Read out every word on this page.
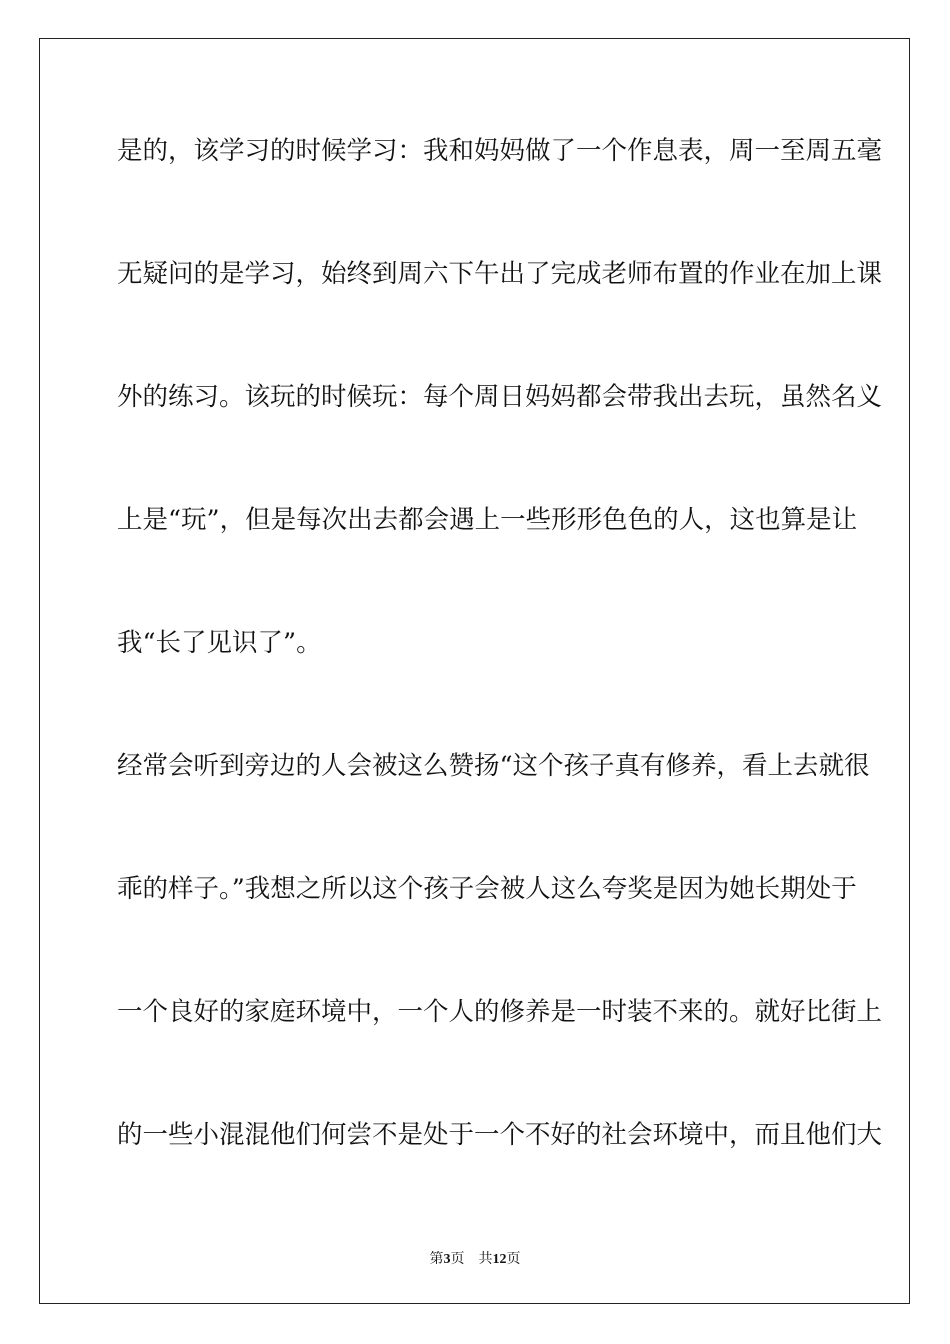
是的，该学习的时候学习：我和妈妈做了一个作息表，周一至周五毫
无疑问的是学习，始终到周六下午出了完成老师布置的作业在加上课
外的练习。该玩的时候玩：每个周日妈妈都会带我出去玩，虽然名义
上是“玩”，但是每次出去都会遇上一些形形色色的人，这也算是让
我“长了见识了”。
经常会听到旁边的人会被这么赞扬“这个孩子真有修养，看上去就很
乖的样子。”我想之所以这个孩子会被人这么夸奖是因为她长期处于
一个良好的家庭环境中，一个人的修养是一时装不来的。就好比街上
的一些小混混他们何尝不是处于一个不好的社会环境中，而且他们大
第3页 共12页
